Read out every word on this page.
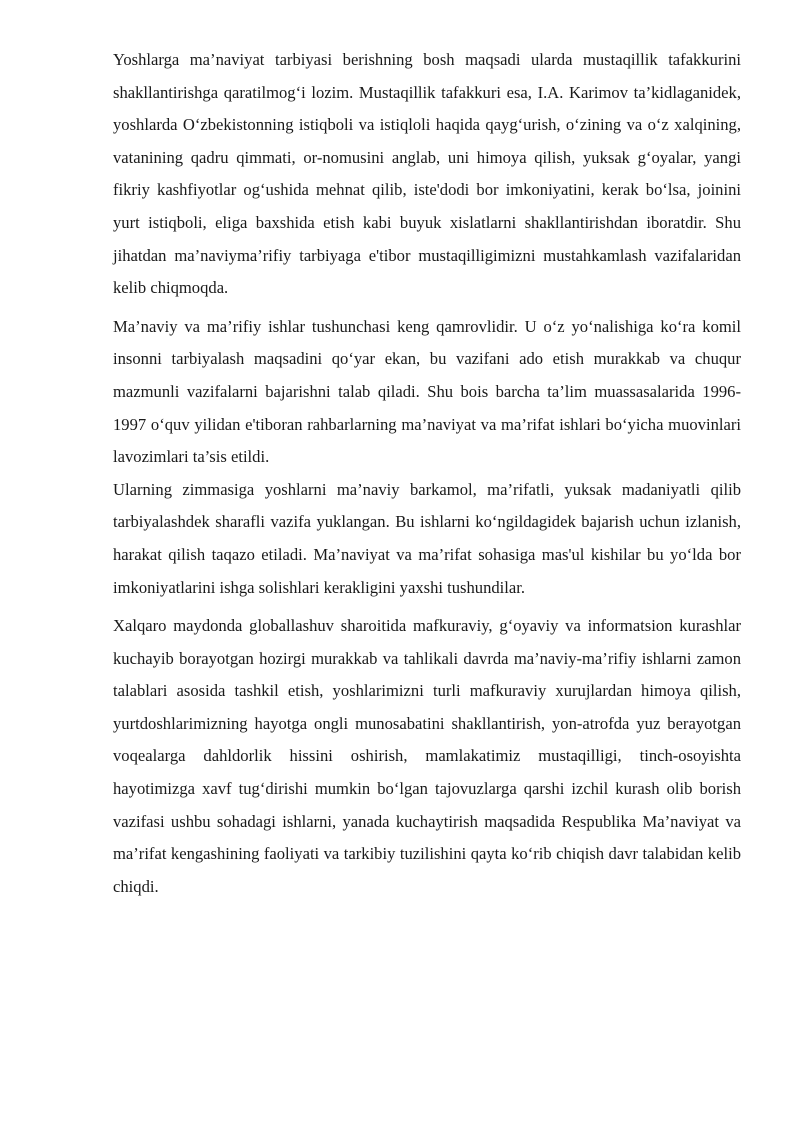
Yoshlarga ma’naviyat tarbiyasi berishning bosh maqsadi ularda mustaqillik tafakkurini shakllantirishga qaratilmog‘i lozim. Mustaqillik tafakkuri esa, I.A. Karimov ta’kidlaganidek, yoshlarda O‘zbekistonning istiqboli va istiqloli haqida qayg‘urish, o‘zining va o‘z xalqining, vatanining qadru qimmati, or-nomusini anglab, uni himoya qilish, yuksak g‘oyalar, yangi fikriy kashfiyotlar og‘ushida mehnat qilib, iste'dodi bor imkoniyatini, kerak bo‘lsa, joinini yurt istiqboli, eliga baxshida etish kabi buyuk xislatlarni shakllantirishdan iboratdir. Shu jihatdan ma’naviyma’rifiy tarbiyaga e'tibor mustaqilligimizni mustahkamlash vazifalaridan kelib chiqmoqda.

Ma’naviy va ma’rifiy ishlar tushunchasi keng qamrovlidir. U o‘z yo‘nalishiga ko‘ra komil insonni tarbiyalash maqsadini qo‘yar ekan, bu vazifani ado etish murakkab va chuqur mazmunli vazifalarni bajarishni talab qiladi. Shu bois barcha ta’lim muassasalarida 1996-1997 o‘quv yilidan e'tiboran rahbarlarning ma’naviyat va ma’rifat ishlari bo‘yicha muovinlari lavozimlari ta’sis etildi.

Ularning zimmasiga yoshlarni ma’naviy barkamol, ma’rifatli, yuksak madaniyatli qilib tarbiyalashdek sharafli vazifa yuklangan. Bu ishlarni ko‘ngildagidek bajarish uchun izlanish, harakat qilish taqazo etiladi. Ma’naviyat va ma’rifat sohasiga mas'ul kishilar bu yo‘lda bor imkoniyatlarini ishga solishlari kerakligini yaxshi tushundilar.

Xalqaro maydonda globallashuv sharoitida mafkuraviy, g‘oyaviy va informatsion kurashlar kuchayib borayotgan hozirgi murakkab va tahlikali davrda ma’naviy-ma’rifiy ishlarni zamon talablari asosida tashkil etish, yoshlarimizni turli mafkuraviy xurujlardan himoya qilish, yurtdoshlarimizning hayotga ongli munosabatini shakllantirish, yon-atrofda yuz berayotgan voqealarga dahldorlik hissini oshirish, mamlakatimiz mustaqilligi, tinch-osoyishta hayotimizga xavf tug‘dirishi mumkin bo‘lgan tajovuzlarga qarshi izchil kurash olib borish vazifasi ushbu sohadagi ishlarni, yanada kuchaytirish maqsadida Respublika Ma’naviyat va ma’rifat kengashining faoliyati va tarkibiy tuzilishini qayta ko‘rib chiqish davr talabidan kelib chiqdi.
